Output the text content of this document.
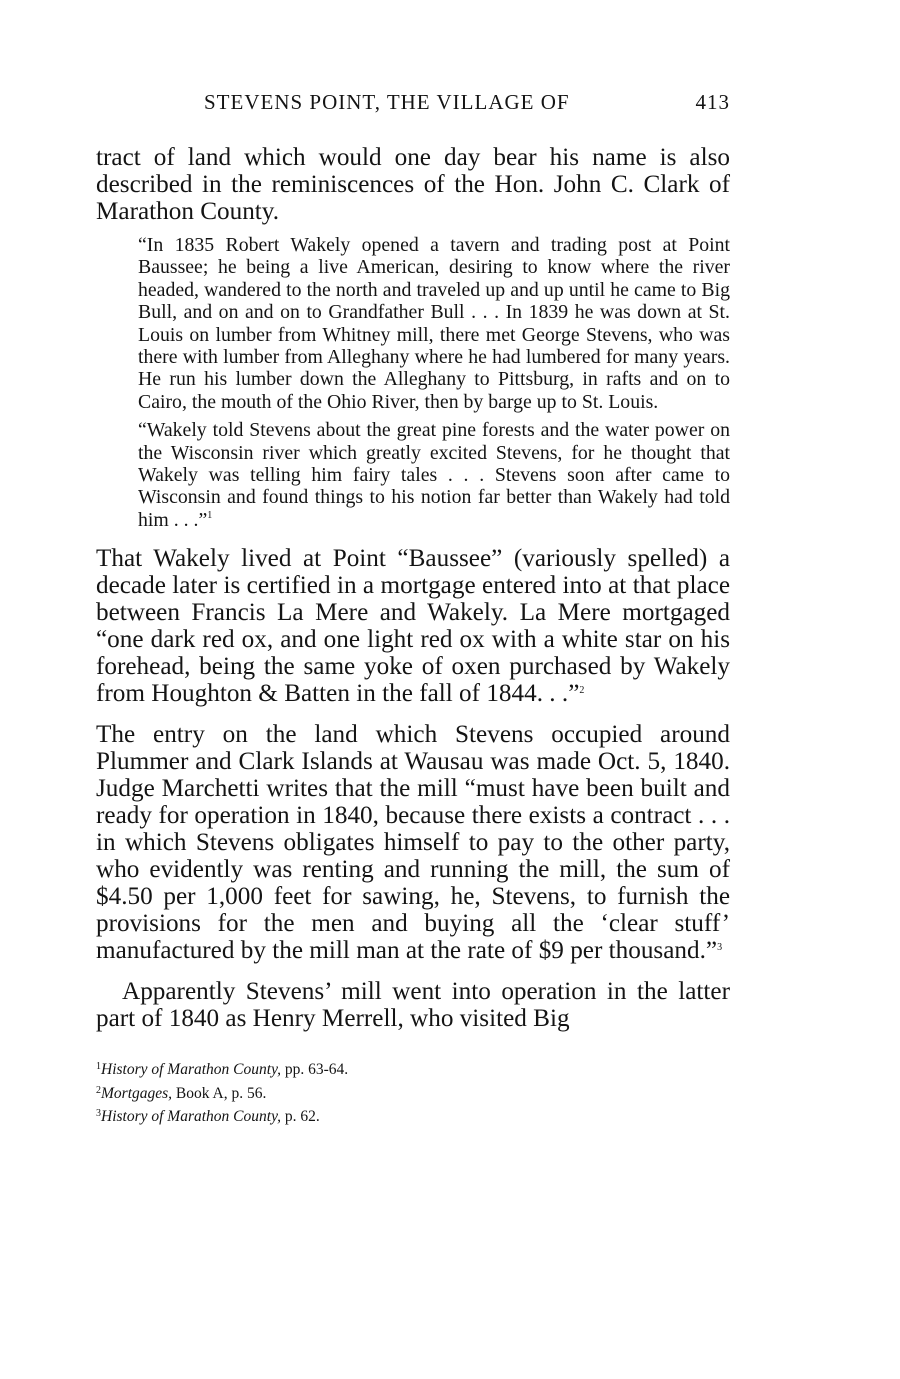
STEVENS POINT, THE VILLAGE OF	413

tract of land which would one day bear his name is also described in the reminiscences of the Hon. John C. Clark of Marathon County.

“In 1835 Robert Wakely opened a tavern and trading post at Point Baussee; he being a live American, desiring to know where the river headed, wandered to the north and traveled up and up until he came to Big Bull, and on and on to Grandfather Bull . . . In 1839 he was down at St. Louis on lumber from Whitney mill, there met George Stevens, who was there with lumber from Alleghany where he had lumbered for many years. He run his lumber down the Alleghany to Pittsburg, in rafts and on to Cairo, the mouth of the Ohio River, then by barge up to St. Louis.

“Wakely told Stevens about the great pine forests and the water power on the Wisconsin river which greatly excited Stevens, for he thought that Wakely was telling him fairy tales . . . Stevens soon after came to Wisconsin and found things to his notion far better than Wakely had told him . . .”$^1$

That Wakely lived at Point “Baussee” (variously spelled) a decade later is certified in a mortgage entered into at that place between Francis La Mere and Wakely. La Mere mortgaged “one dark red ox, and one light red ox with a white star on his forehead, being the same yoke of oxen purchased by Wakely from Houghton & Batten in the fall of 1844. . .”$^2$

The entry on the land which Stevens occupied around Plummer and Clark Islands at Wausau was made Oct. 5, 1840. Judge Marchetti writes that the mill “must have been built and ready for operation in 1840, because there exists a contract . . . in which Stevens obligates himself to pay to the other party, who evidently was renting and running the mill, the sum of $4.50 per 1,000 feet for sawing, he, Stevens, to furnish the provisions for the men and buying all the ‘clear stuff’ manufactured by the mill man at the rate of $9 per thousand.”$^3$

Apparently Stevens’ mill went into operation in the latter part of 1840 as Henry Merrell, who visited Big

$^1$History of Marathon County, pp. 63-64.

$^2$Mortgages, Book A, p. 56.

$^3$History of Marathon County, p. 62.
